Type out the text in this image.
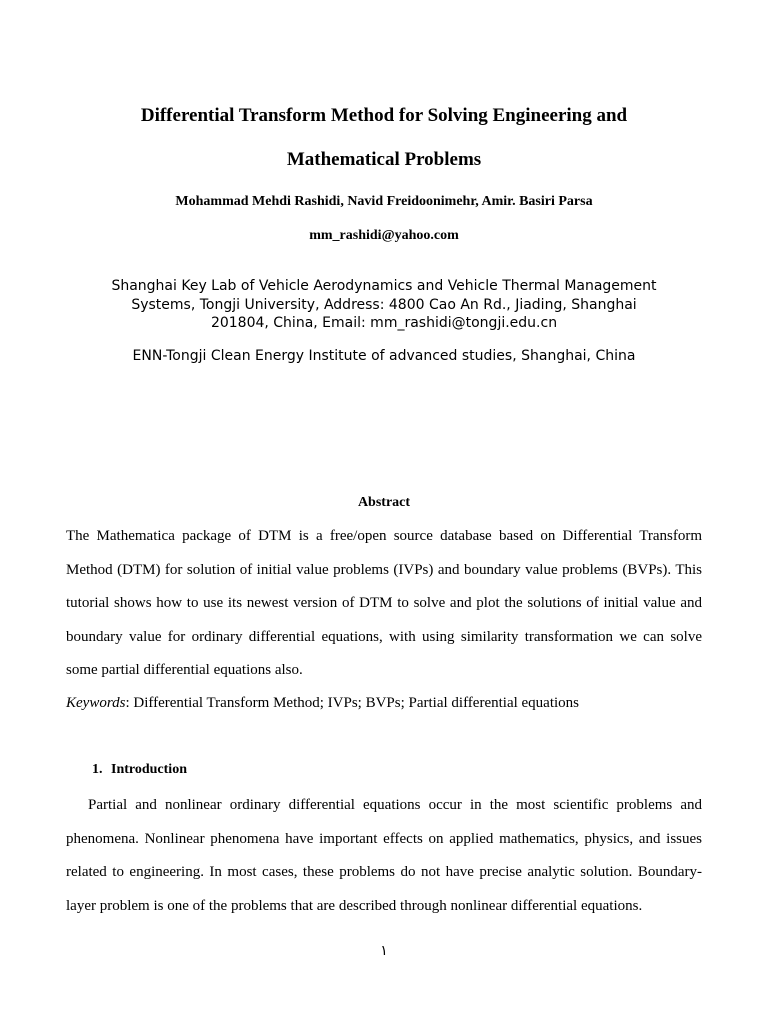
Differential Transform Method for Solving Engineering and
Mathematical Problems
Mohammad Mehdi Rashidi, Navid Freidoonimehr, Amir. Basiri Parsa
mm_rashidi@yahoo.com
Shanghai Key Lab of Vehicle Aerodynamics and Vehicle Thermal Management
Systems, Tongji University, Address: 4800 Cao An Rd., Jiading, Shanghai
201804, China, Email: mm_rashidi@tongji.edu.cn
ENN-Tongji Clean Energy Institute of advanced studies, Shanghai, China
Abstract
The Mathematica package of DTM is a free/open source database based on Differential Transform Method (DTM) for solution of initial value problems (IVPs) and boundary value problems (BVPs). This tutorial shows how to use its newest version of DTM to solve and plot the solutions of initial value and boundary value for ordinary differential equations, with using similarity transformation we can solve some partial differential equations also.
Keywords: Differential Transform Method; IVPs; BVPs; Partial differential equations
1. Introduction
Partial and nonlinear ordinary differential equations occur in the most scientific problems and phenomena. Nonlinear phenomena have important effects on applied mathematics, physics, and issues related to engineering. In most cases, these problems do not have precise analytic solution. Boundary-layer problem is one of the problems that are described through nonlinear differential equations.
١
